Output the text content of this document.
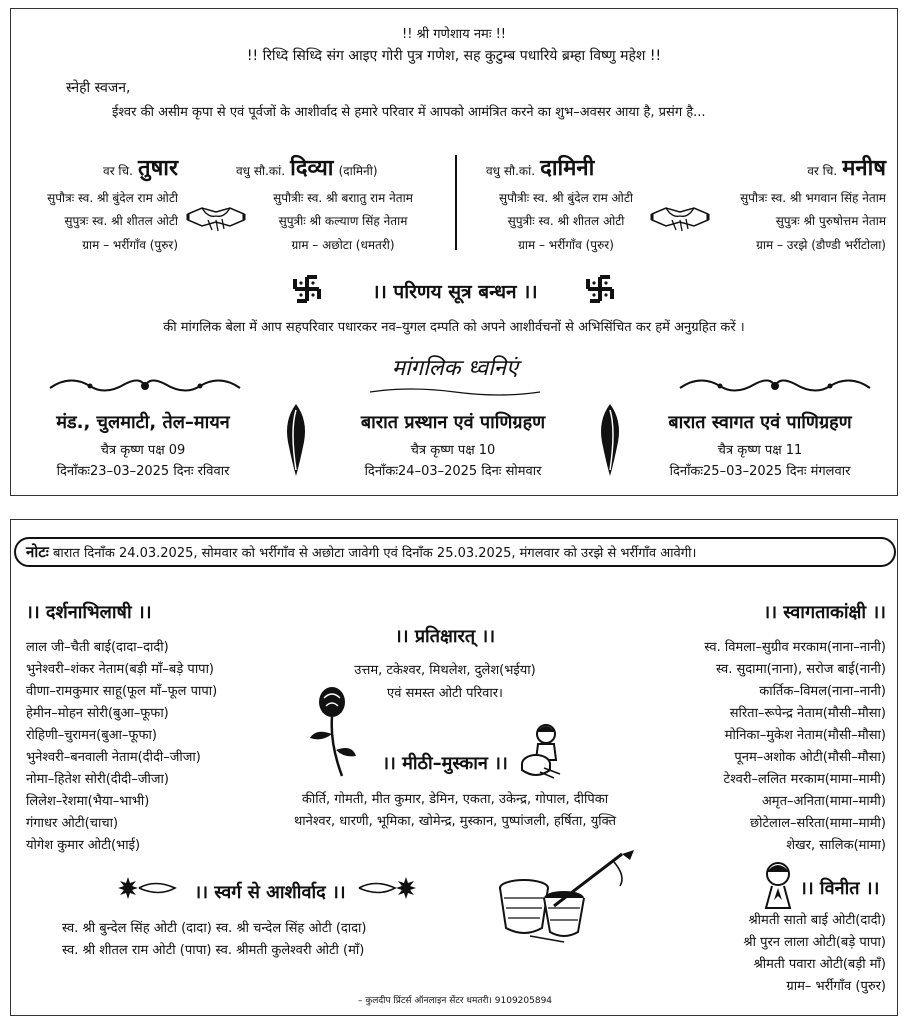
!! श्री गणेशाय नमः !!
!! रिध्दि सिध्दि संग आइए गोरी पुत्र गणेश, सह कुटुम्ब पधारिये ब्रम्हा विष्णु महेश !!
स्नेही स्वजन,
ईश्वर की असीम कृपा से एवं पूर्वजों के आशीर्वाद से हमारे परिवार में आपको आमंत्रित करने का शुभ–अवसर आया है, प्रसंग है...
वर चि. तुषार
सुपौत्रः स्व. श्री बुंदेल राम ओटी
सुपुत्रः स्व. श्री शीतल ओटी
ग्राम – भर्रीगाँव (पुरुर)
वधु सौ.कां. दिव्या (दामिनी)
सुपौत्रीः स्व. श्री बराातु राम नेताम
सुपुत्रीः श्री कल्याण सिंह नेताम
ग्राम – अछोटा (धमतरी)
वधु सौ.कां. दामिनी
सुपौत्रीः स्व. श्री बुंदेल राम ओटी
सुपुत्रीः स्व. श्री शीतल ओटी
ग्राम – भर्रीगाँव (पुरुर)
वर चि. मनीष
सुपौत्रः स्व. श्री भगवान सिंह नेताम
सुपुत्रः श्री पुरुषोत्तम नेताम
ग्राम – उरझे (डौण्डी भर्रीटोला)
।। परिणय सूत्र बन्धन ।।
की मांगलिक बेला में आप सहपरिवार पधारकर नव–युगल दम्पति को अपने आशीर्वचनों से अभिसिंचित कर हमें अनुग्रहित करें ।
मांगलिक ध्वनिएं
मंड., चुलमाटी, तेल–मायन
चैत्र कृष्ण पक्ष 09
दिनाँकः23–03–2025 दिनः रविवार
बारात प्रस्थान एवं पाणिग्रहण
चैत्र कृष्ण पक्ष 10
दिनाँकः24–03–2025 दिनः सोमवार
बारात स्वागत एवं पाणिग्रहण
चैत्र कृष्ण पक्ष 11
दिनाँकः25–03–2025 दिनः मंगलवार
नोटः बारात दिनाँक 24.03.2025, सोमवार को भर्रीगाँव से अछोटा जावेगी एवं दिनाँक 25.03.2025, मंगलवार को उरझे से भर्रीगाँव आवेगी।
।। दर्शनाभिलाषी ।।
लाल जी–चैती बाई(दादा–दादी)
भुनेश्वरी–शंकर नेताम(बड़ी माँ–बड़े पापा)
वीणा–रामकुमार साहू(फूल माँ–फूल पापा)
हेमीन–मोहन सोरी(बुआ–फूफा)
रोहिणी–चुरामन(बुआ–फूफा)
भुनेश्वरी–बनवाली नेताम(दीदी–जीजा)
नोमा–हितेश सोरी(दीदी–जीजा)
लिलेश–रेशमा(भैया–भाभी)
गंगाधर ओटी(चाचा)
योगेश कुमार ओटी(भाई)
।। प्रतिक्षारत् ।।
उत्तम, टकेश्वर, मिथलेश, दुलेश(भईया)
एवं समस्त ओटी परिवार।
।। मीठी–मुस्कान ।।
कीर्ति, गोमती, मीत कुमार, डेमिन, एकता, उकेन्द्र, गोपाल, दीपिका
थानेश्वर, धारणी, भूमिका, खोमेन्द्र, मुस्कान, पुष्पांजली, हर्षिता, युक्ति
।। स्वागताकांक्षी ।।
स्व. विमला–सुग्रीव मरकाम(नाना–नानी)
स्व. सुदामा(नाना), सरोज बाई(नानी)
कार्तिक–विमल(नाना–नानी)
सरिता–रूपेन्द्र नेताम(मौसी–मौसा)
मोनिका–मुकेश नेताम(मौसी–मौसा)
पूनम–अशोक ओटी(मौसी–मौसा)
टेश्वरी–ललित मरकाम(मामा–मामी)
अमृत–अनिता(मामा–मामी)
छोटेलाल–सरिता(मामा–मामी)
शेखर, सालिक(मामा)
।। स्वर्ग से आशीर्वाद ।।
स्व. श्री बुन्देल सिंह ओटी (दादा) स्व. श्री चन्देल सिंह ओटी (दादा)
स्व. श्री शीतल राम ओटी (पापा) स्व. श्रीमती कुलेश्वरी ओटी (माँ)
।। विनीत ।।
श्रीमती सातो बाई ओटी(दादी)
श्री पुरन लाला ओटी(बड़े पापा)
श्रीमती पवारा ओटी(बड़ी माँ)
ग्राम– भर्रीगाँव (पुरुर)
– कुलदीप प्रिंटर्स ऑनलाइन सेंटर धमतरी। 9109205894
